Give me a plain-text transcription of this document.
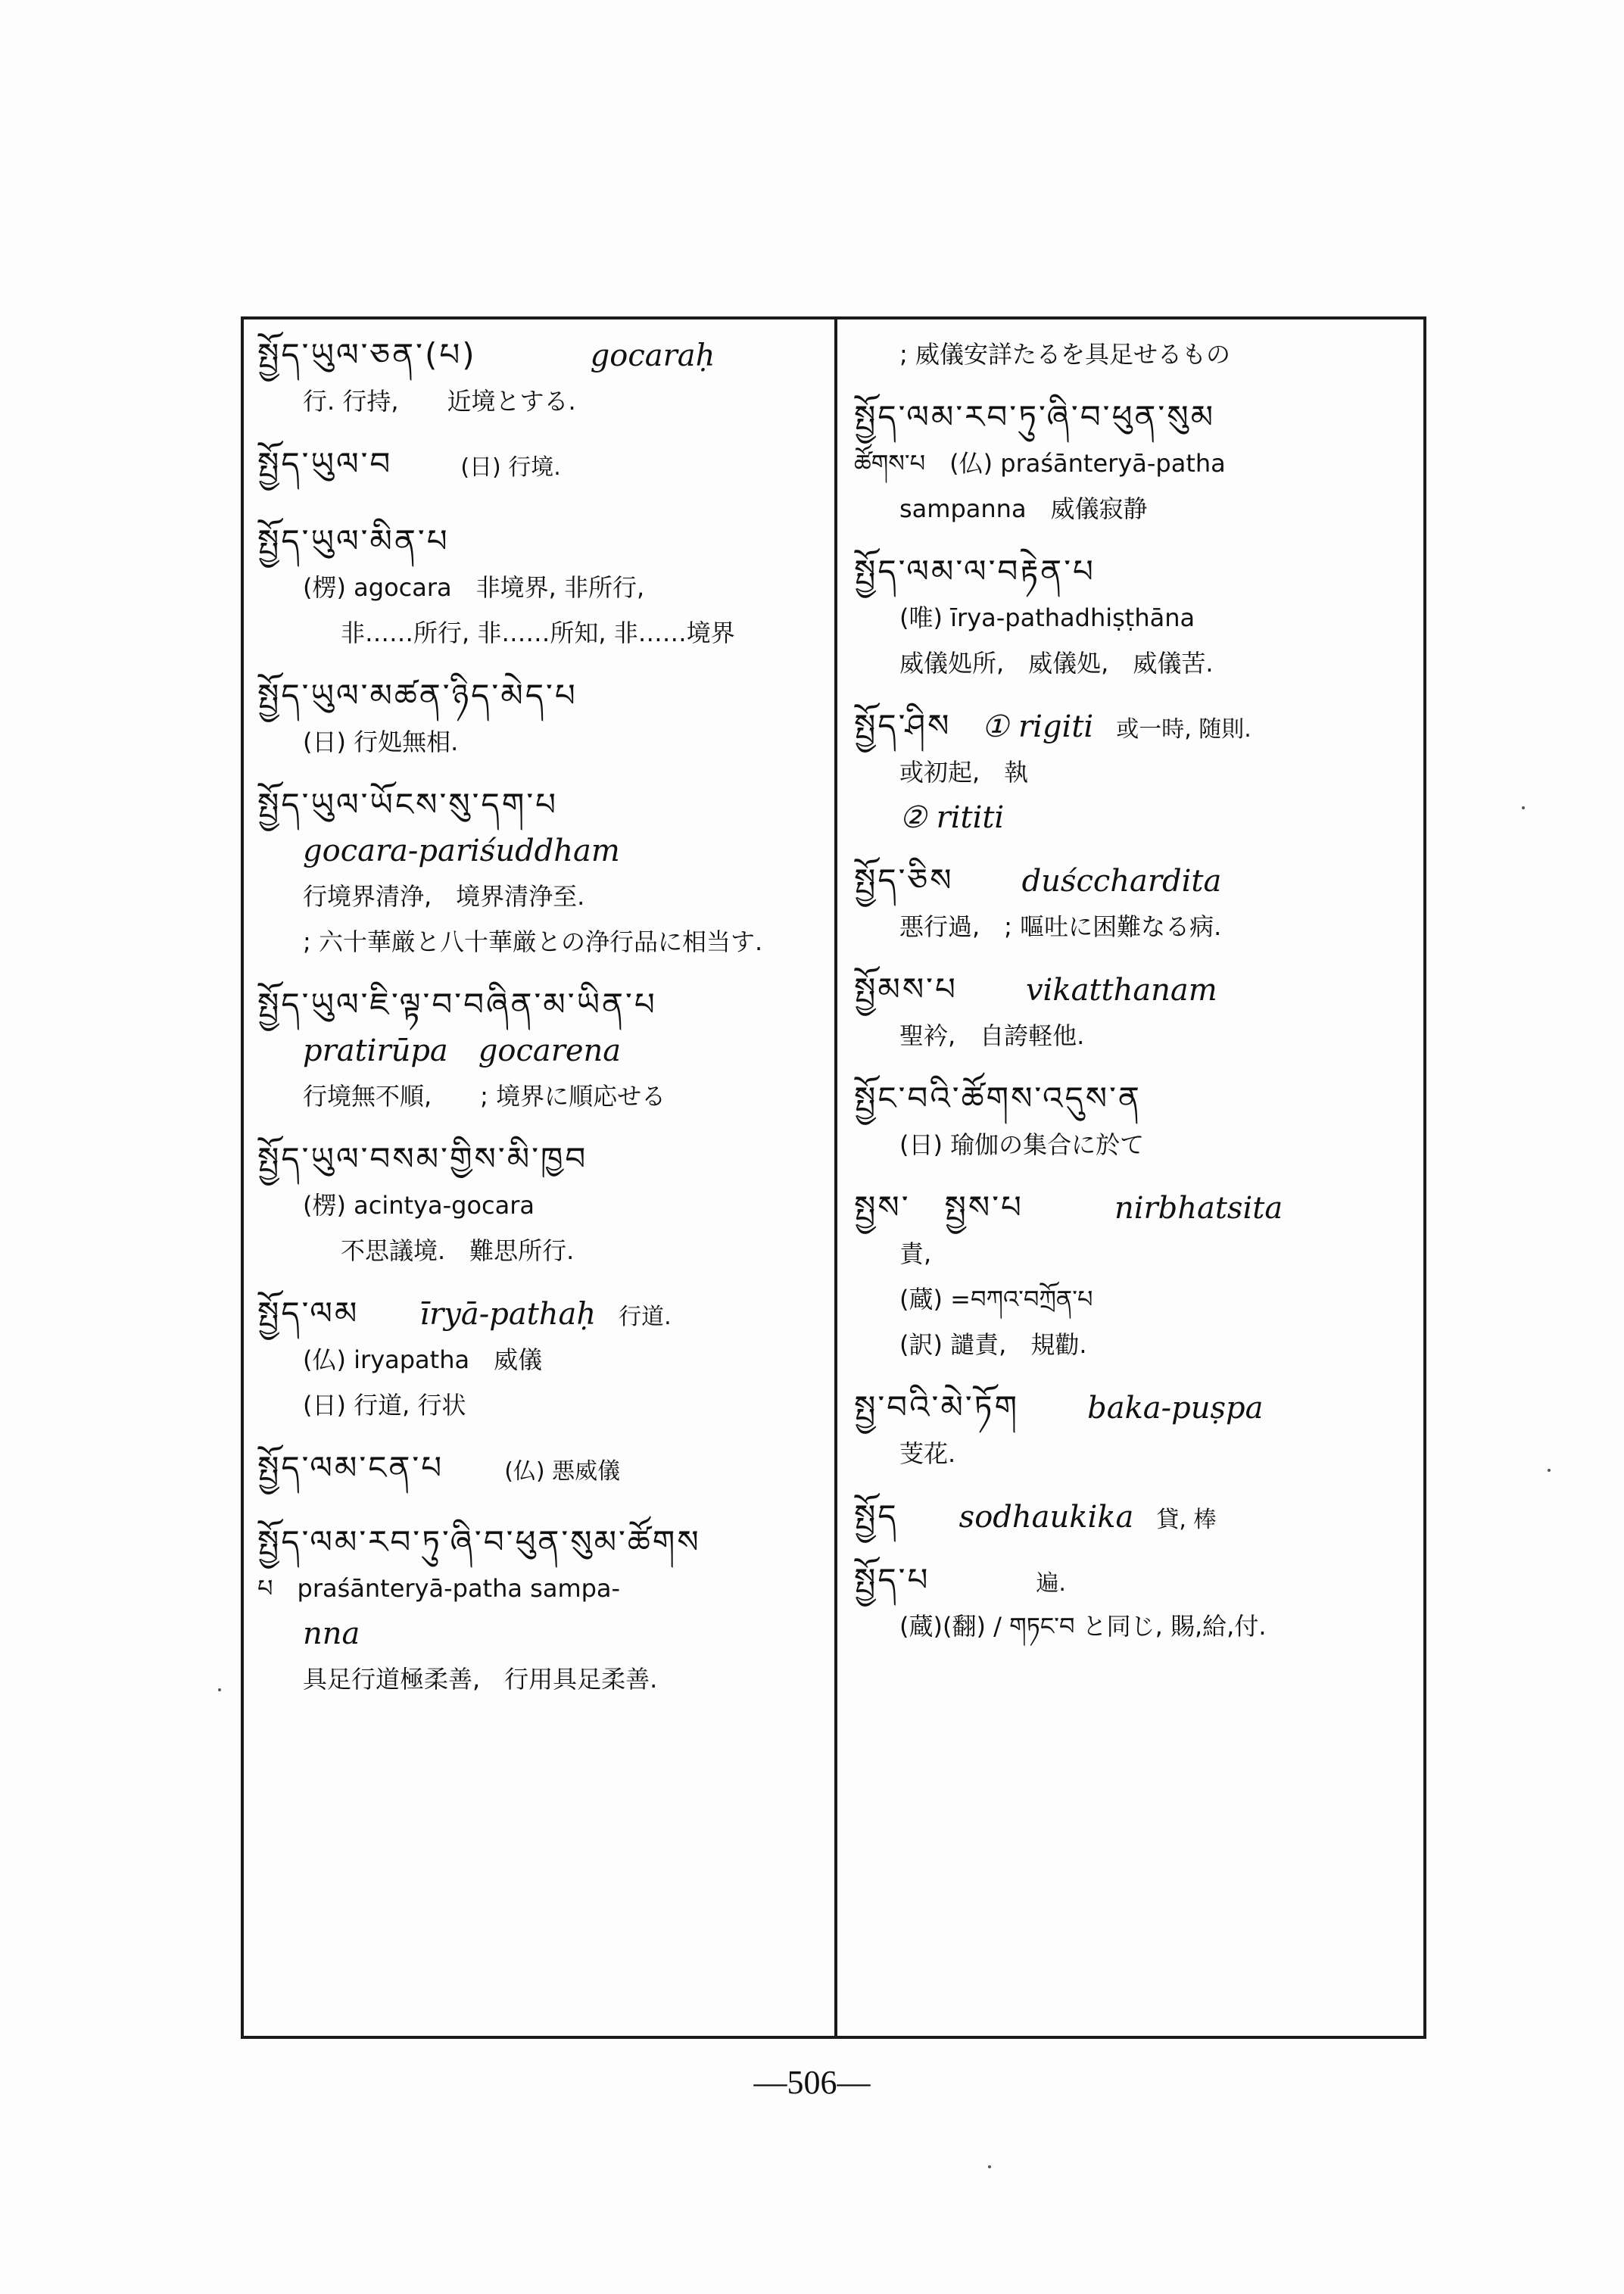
སྤྱོད་ཡུལ་ཅན་(པ)	gocaraḥ
行. 行持,　　近境とする.
སྤྱོད་ཡུལ་བ	(日) 行境.
སྤྱོད་ཡུལ་མིན་པ
(楞) agocara　非境界, 非所行,
非……所行, 非……所知, 非……境界
སྤྱོད་ཡུལ་མཚན་ཉིད་མེད་པ
(日) 行処無相.
སྤྱོད་ཡུལ་ཡོངས་སུ་དག་པ
gocara-pariśuddham
行境界清浄,　境界清浄至.
; 六十華厳と八十華厳との浄行品に相当す.
སྤྱོད་ཡུལ་ཇི་ལྟ་བ་བཞིན་མ་ཡིན་པ
pratirūpa　gocarena
行境無不順,　　; 境界に順応せる
སྤྱོད་ཡུལ་བསམ་གྱིས་མི་ཁྱབ
(楞) acintya-gocara
不思議境.　難思所行.
སྤྱོད་ལམ īryā-pathaḥ 行道.
(仏) iryapatha　威儀
(日) 行道, 行状
སྤྱོད་ལམ་ངན་པ	(仏) 悪威儀
སྤྱོད་ལམ་རབ་ཏུ་ཞི་བ་ཕུན་སུམ་ཚོགས
པ　praśānteryā-patha sampa-
nna
具足行道極柔善,　行用具足柔善.
; 威儀安詳たるを具足せるもの
སྤྱོད་ལམ་རབ་ཏུ་ཞི་བ་ཕུན་སུམ
ཚོགས་པ　(仏) praśānteryā-patha
sampanna　威儀寂静
སྤྱོད་ལམ་ལ་བརྟེན་པ
(唯) īrya-pathadhiṣṭhāna
威儀処所,　威儀処,　威儀苦.
སྤྱོད་ཤིས ① rigiti 或一時, 随則.
或初起,　執
② rititi
སྤྱོད་ཅིས duścchardita
悪行過,　; 嘔吐に困難なる病.
སྤྱོམས་པ vikatthanam
聖衿,　自誇軽他.
སྤྱོང་བའི་ཚོགས་འདུས་ན
(日) 瑜伽の集合に於て
སྤྱས་　སྤྱས་པ	nirbhatsita
責,
(蔵) =བཀའ་བཀྲོན་པ
(訳) 譴責,　規勸.
སྤྱ་བའི་མེ་ཏོག baka-puṣpa
芰花.
སྤྱོད sodhaukika 貸, 棒
སྤྱོད་པ	遍.
(蔵)(翻) / གཏང་བ と同じ, 賜,給,付.
—506—
